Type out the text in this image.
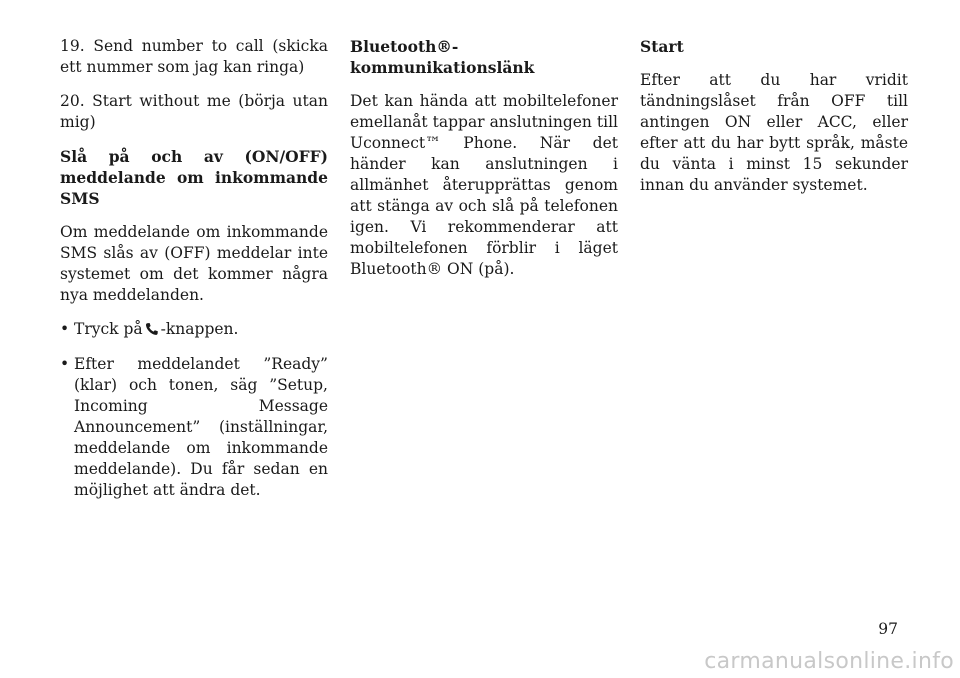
19. Send number to call (skicka ett nummer som jag kan ringa)

20. Start without me (börja utan mig)

Slå på och av (ON/OFF) meddelande om inkommande SMS

Om meddelande om inkommande SMS slås av (OFF) meddelar inte systemet om det kommer några nya meddelanden.

• Tryck på -knappen.
• Efter meddelandet ”Ready” (klar) och tonen, säg ”Setup, Incoming Message Announcement” (inställningar, meddelande om inkommande meddelande). Du får sedan en möjlighet att ändra det.
Bluetooth®-kommunikationslänk

Det kan hända att mobiltelefoner emellanåt tappar anslutningen till Uconnect™ Phone. När det händer kan anslutningen i allmänhet återupprättas genom att stänga av och slå på telefonen igen. Vi rekommenderar att mobiltelefonen förblir i läget Bluetooth® ON (på).

Start

Efter att du har vridit tändningslåset från OFF till antingen ON eller ACC, eller efter att du har bytt språk, måste du vänta i minst 15 sekunder innan du använder systemet.

97
carmanualsonline.info
